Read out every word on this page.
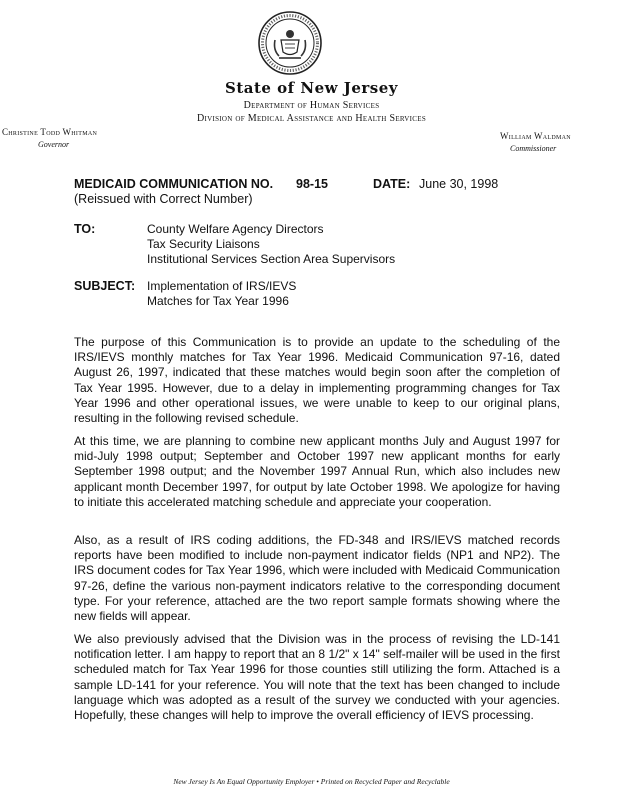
State of New Jersey
Department of Human Services
Division of Medical Assistance and Health Services
Christine Todd Whitman
Governor
William Waldman
Commissioner
MEDICAID COMMUNICATION NO. 98-15	DATE: June 30, 1998
(Reissued with Correct Number)
TO:	County Welfare Agency Directors
Tax Security Liaisons
Institutional Services Section Area Supervisors
SUBJECT: Implementation of IRS/IEVS
Matches for Tax Year 1996
The purpose of this Communication is to provide an update to the scheduling of the IRS/IEVS monthly matches for Tax Year 1996. Medicaid Communication 97-16, dated August 26, 1997, indicated that these matches would begin soon after the completion of Tax Year 1995. However, due to a delay in implementing programming changes for Tax Year 1996 and other operational issues, we were unable to keep to our original plans, resulting in the following revised schedule.
At this time, we are planning to combine new applicant months July and August 1997 for mid-July 1998 output; September and October 1997 new applicant months for early September 1998 output; and the November 1997 Annual Run, which also includes new applicant month December 1997, for output by late October 1998. We apologize for having to initiate this accelerated matching schedule and appreciate your cooperation.
Also, as a result of IRS coding additions, the FD-348 and IRS/IEVS matched records reports have been modified to include non-payment indicator fields (NP1 and NP2). The IRS document codes for Tax Year 1996, which were included with Medicaid Communication 97-26, define the various non-payment indicators relative to the corresponding document type. For your reference, attached are the two report sample formats showing where the new fields will appear.
We also previously advised that the Division was in the process of revising the LD-141 notification letter. I am happy to report that an 8 1/2" x 14" self-mailer will be used in the first scheduled match for Tax Year 1996 for those counties still utilizing the form. Attached is a sample LD-141 for your reference. You will note that the text has been changed to include language which was adopted as a result of the survey we conducted with your agencies. Hopefully, these changes will help to improve the overall efficiency of IEVS processing.
New Jersey Is An Equal Opportunity Employer • Printed on Recycled Paper and Recyclable
